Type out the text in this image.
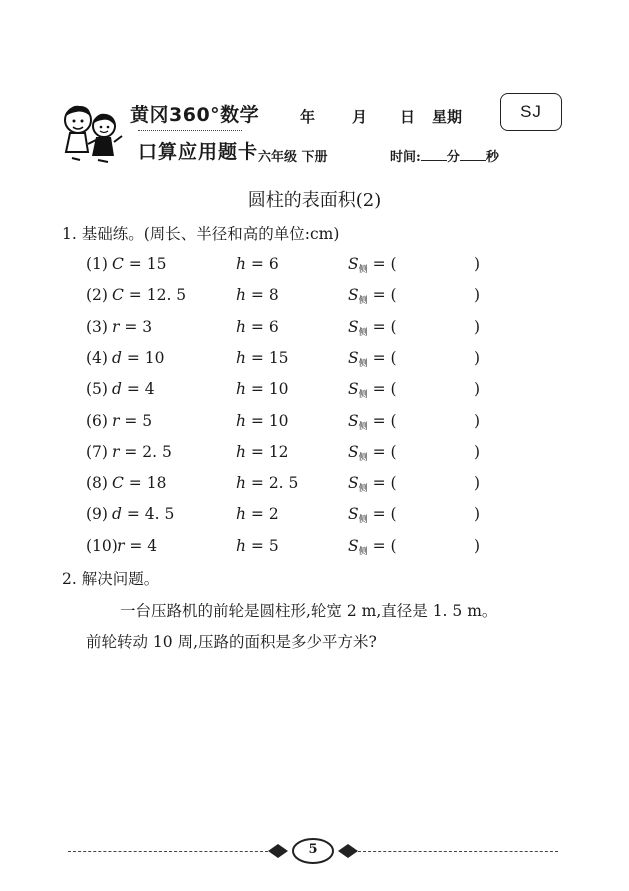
黄冈360°数学
口算应用题卡
年 月 日 星期	SJ
六年级 下册	时间: 分 秒
圆柱的表面积(2)
1. 基础练。(周长、半径和高的单位:cm)
(1) C = 15	h = 6	$S_侧$ = (	)
(2) C = 12. 5	h = 8	$S_侧$ = (	)
(3) r = 3	h = 6	$S_侧$ = (	)
(4) d = 10	h = 15	$S_侧$ = (	)
(5) d = 4	h = 10	$S_侧$ = (	)
(6) r = 5	h = 10	$S_侧$ = (	)
(7) r = 2. 5	h = 12	$S_侧$ = (	)
(8) C = 18	h = 2. 5	$S_侧$ = (	)
(9) d = 4. 5	h = 2	$S_侧$ = (	)
(10) r = 4	h = 5	$S_侧$ = (	)
2. 解决问题。
一台压路机的前轮是圆柱形,轮宽 2 m,直径是 1. 5 m。
前轮转动 10 周,压路的面积是多少平方米?
5
